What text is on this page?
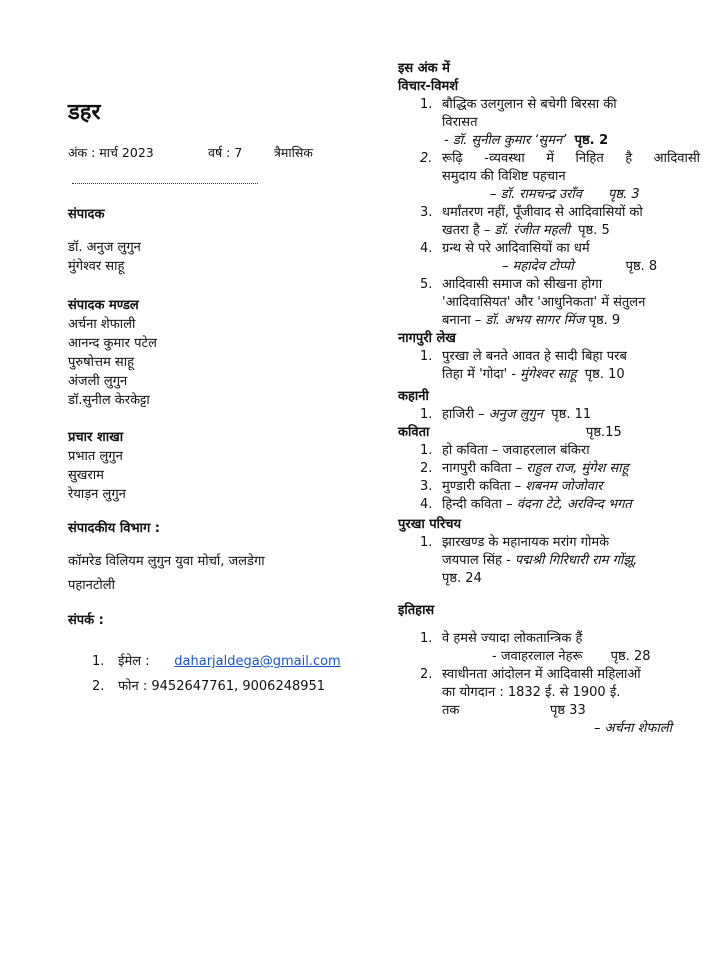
डहर
अंक : मार्च 2023	वर्ष : 7	त्रैमासिक
संपादक
डॉ. अनुज लुगुन
मुंगेश्वर साहू
संपादक मण्डल
अर्चना शेफाली
आनन्द कुमार पटेल
पुरुषोत्तम साहू
अंजली लुगुन
डॉ.सुनील केरकेट्टा
प्रचार शाखा
प्रभात लुगुन
सुखराम
रेयाड़न लुगुन
संपादकीय विभाग :
कॉमरेड विलियम लुगुन युवा मोर्चा, जलडेगा
पहानटोली
संपर्क :
1. ईमेल : daharjaldega@gmail.com
2. फोन : 9452647761, 9006248951
इस अंक में
विचार-विमर्श
1. बौद्धिक उलगुलान से बचेगी बिरसा की
विरासत
- डॉ. सुनील कुमार ‘सुमन’ पृष्ठ. 2
2. रूढ़ि -व्यवस्था में निहित है आदिवासी
समुदाय की विशिष्ट पहचान
– डॉ. रामचन्द्र उराँव पृष्ठ. 3
3. धर्मांतरण नहीं, पूँजीवाद से आदिवासियों को
खतरा है – डॉ. रंजीत महली पृष्ठ. 5
4. ग्रन्थ से परे आदिवासियों का धर्म
– महादेव टोप्पो	पृष्ठ. 8
5. आदिवासी समाज को सीखना होगा
'आदिवासियत' और 'आधुनिकता' में संतुलन
बनाना – डॉ. अभय सागर मिंज पृष्ठ. 9
नागपुरी लेख
1. पुरखा ले बनते आवत हे सादी बिहा परब
तिहा में 'गोदा' - मुंगेश्वर साहू पृष्ठ. 10
कहानी
1. हाजिरी – अनुज लुगुन पृष्ठ. 11
कविता	पृष्ठ.15
1. हो कविता – जवाहरलाल बंकिरा
2. नागपुरी कविता – राहुल राज, मुंगेश साहू
3. मुण्डारी कविता – शबनम जोजोवार
4. हिन्दी कविता – वंदना टेटे, अरविन्द भगत
पुरखा परिचय
1. झारखण्ड के महानायक मरांग गोमके
जयपाल सिंह - पद्मश्री गिरिधारी राम गोंझू,
पृष्ठ. 24
इतिहास
1. वे हमसे ज्यादा लोकतान्त्रिक हैं
- जवाहरलाल नेहरू पृष्ठ. 28
2. स्वाधीनता आंदोलन में आदिवासी महिलाओं
का योगदान : 1832 ई. से 1900 ई.
तक	पृष्ठ 33
– अर्चना शेफाली
